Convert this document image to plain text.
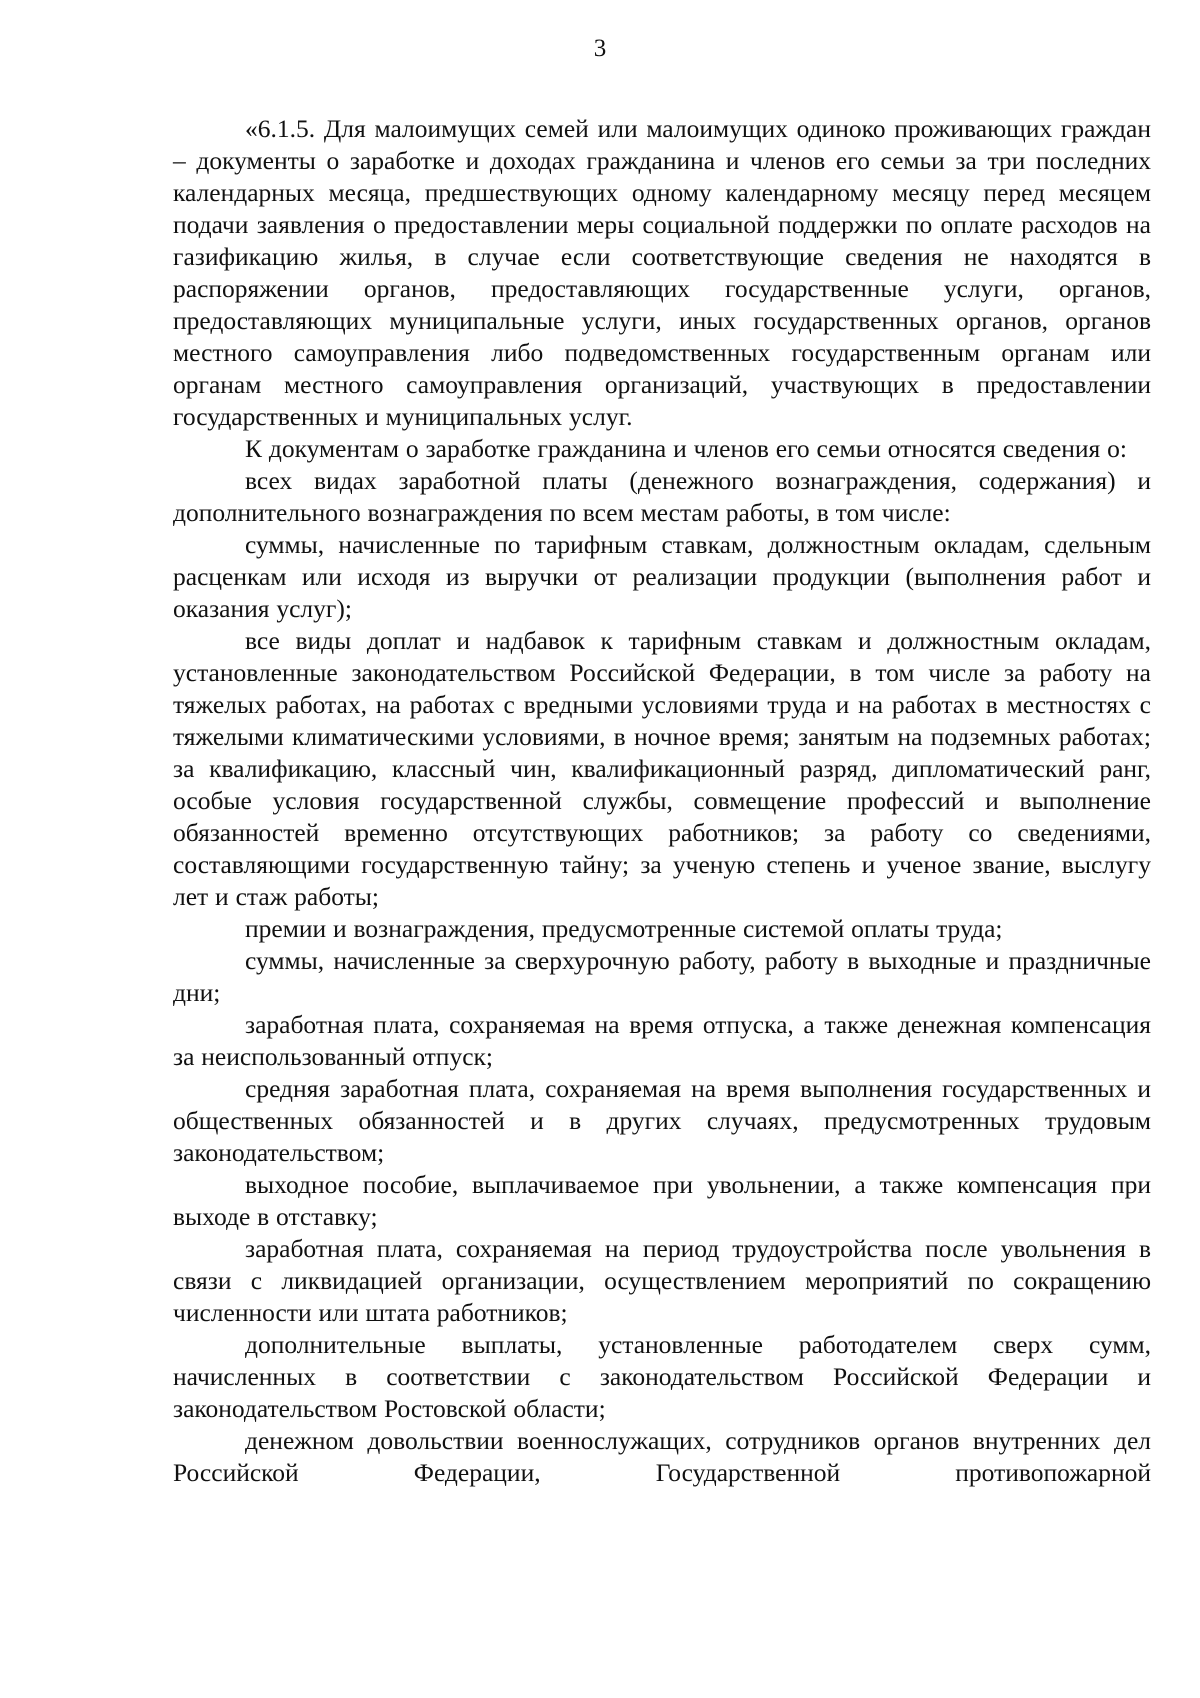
3

«6.1.5. Для малоимущих семей или малоимущих одиноко проживающих граждан – документы о заработке и доходах гражданина и членов его семьи за три последних календарных месяца, предшествующих одному календарному месяцу перед месяцем подачи заявления о предоставлении меры социальной поддержки по оплате расходов на газификацию жилья, в случае если соответствующие сведения не находятся в распоряжении органов, предоставляющих государственные услуги, органов, предоставляющих муниципальные услуги, иных государственных органов, органов местного самоуправления либо подведомственных государственным органам или органам местного самоуправления организаций, участвующих в предоставлении государственных и муниципальных услуг.

К документам о заработке гражданина и членов его семьи относятся сведения о:

всех видах заработной платы (денежного вознаграждения, содержания) и дополнительного вознаграждения по всем местам работы, в том числе:

суммы, начисленные по тарифным ставкам, должностным окладам, сдельным расценкам или исходя из выручки от реализации продукции (выполнения работ и оказания услуг);

все виды доплат и надбавок к тарифным ставкам и должностным окладам, установленные законодательством Российской Федерации, в том числе за работу на тяжелых работах, на работах с вредными условиями труда и на работах в местностях с тяжелыми климатическими условиями, в ночное время; занятым на подземных работах; за квалификацию, классный чин, квалификационный разряд, дипломатический ранг, особые условия государственной службы, совмещение профессий и выполнение обязанностей временно отсутствующих работников; за работу со сведениями, составляющими государственную тайну; за ученую степень и ученое звание, выслугу лет и стаж работы;

премии и вознаграждения, предусмотренные системой оплаты труда;

суммы, начисленные за сверхурочную работу, работу в выходные и праздничные дни;

заработная плата, сохраняемая на время отпуска, а также денежная компенсация за неиспользованный отпуск;

средняя заработная плата, сохраняемая на время выполнения государственных и общественных обязанностей и в других случаях, предусмотренных трудовым законодательством;

выходное пособие, выплачиваемое при увольнении, а также компенсация при выходе в отставку;

заработная плата, сохраняемая на период трудоустройства после увольнения в связи с ликвидацией организации, осуществлением мероприятий по сокращению численности или штата работников;

дополнительные выплаты, установленные работодателем сверх сумм, начисленных в соответствии с законодательством Российской Федерации и законодательством Ростовской области;

денежном довольствии военнослужащих, сотрудников органов внутренних дел Российской Федерации, Государственной противопожарной
